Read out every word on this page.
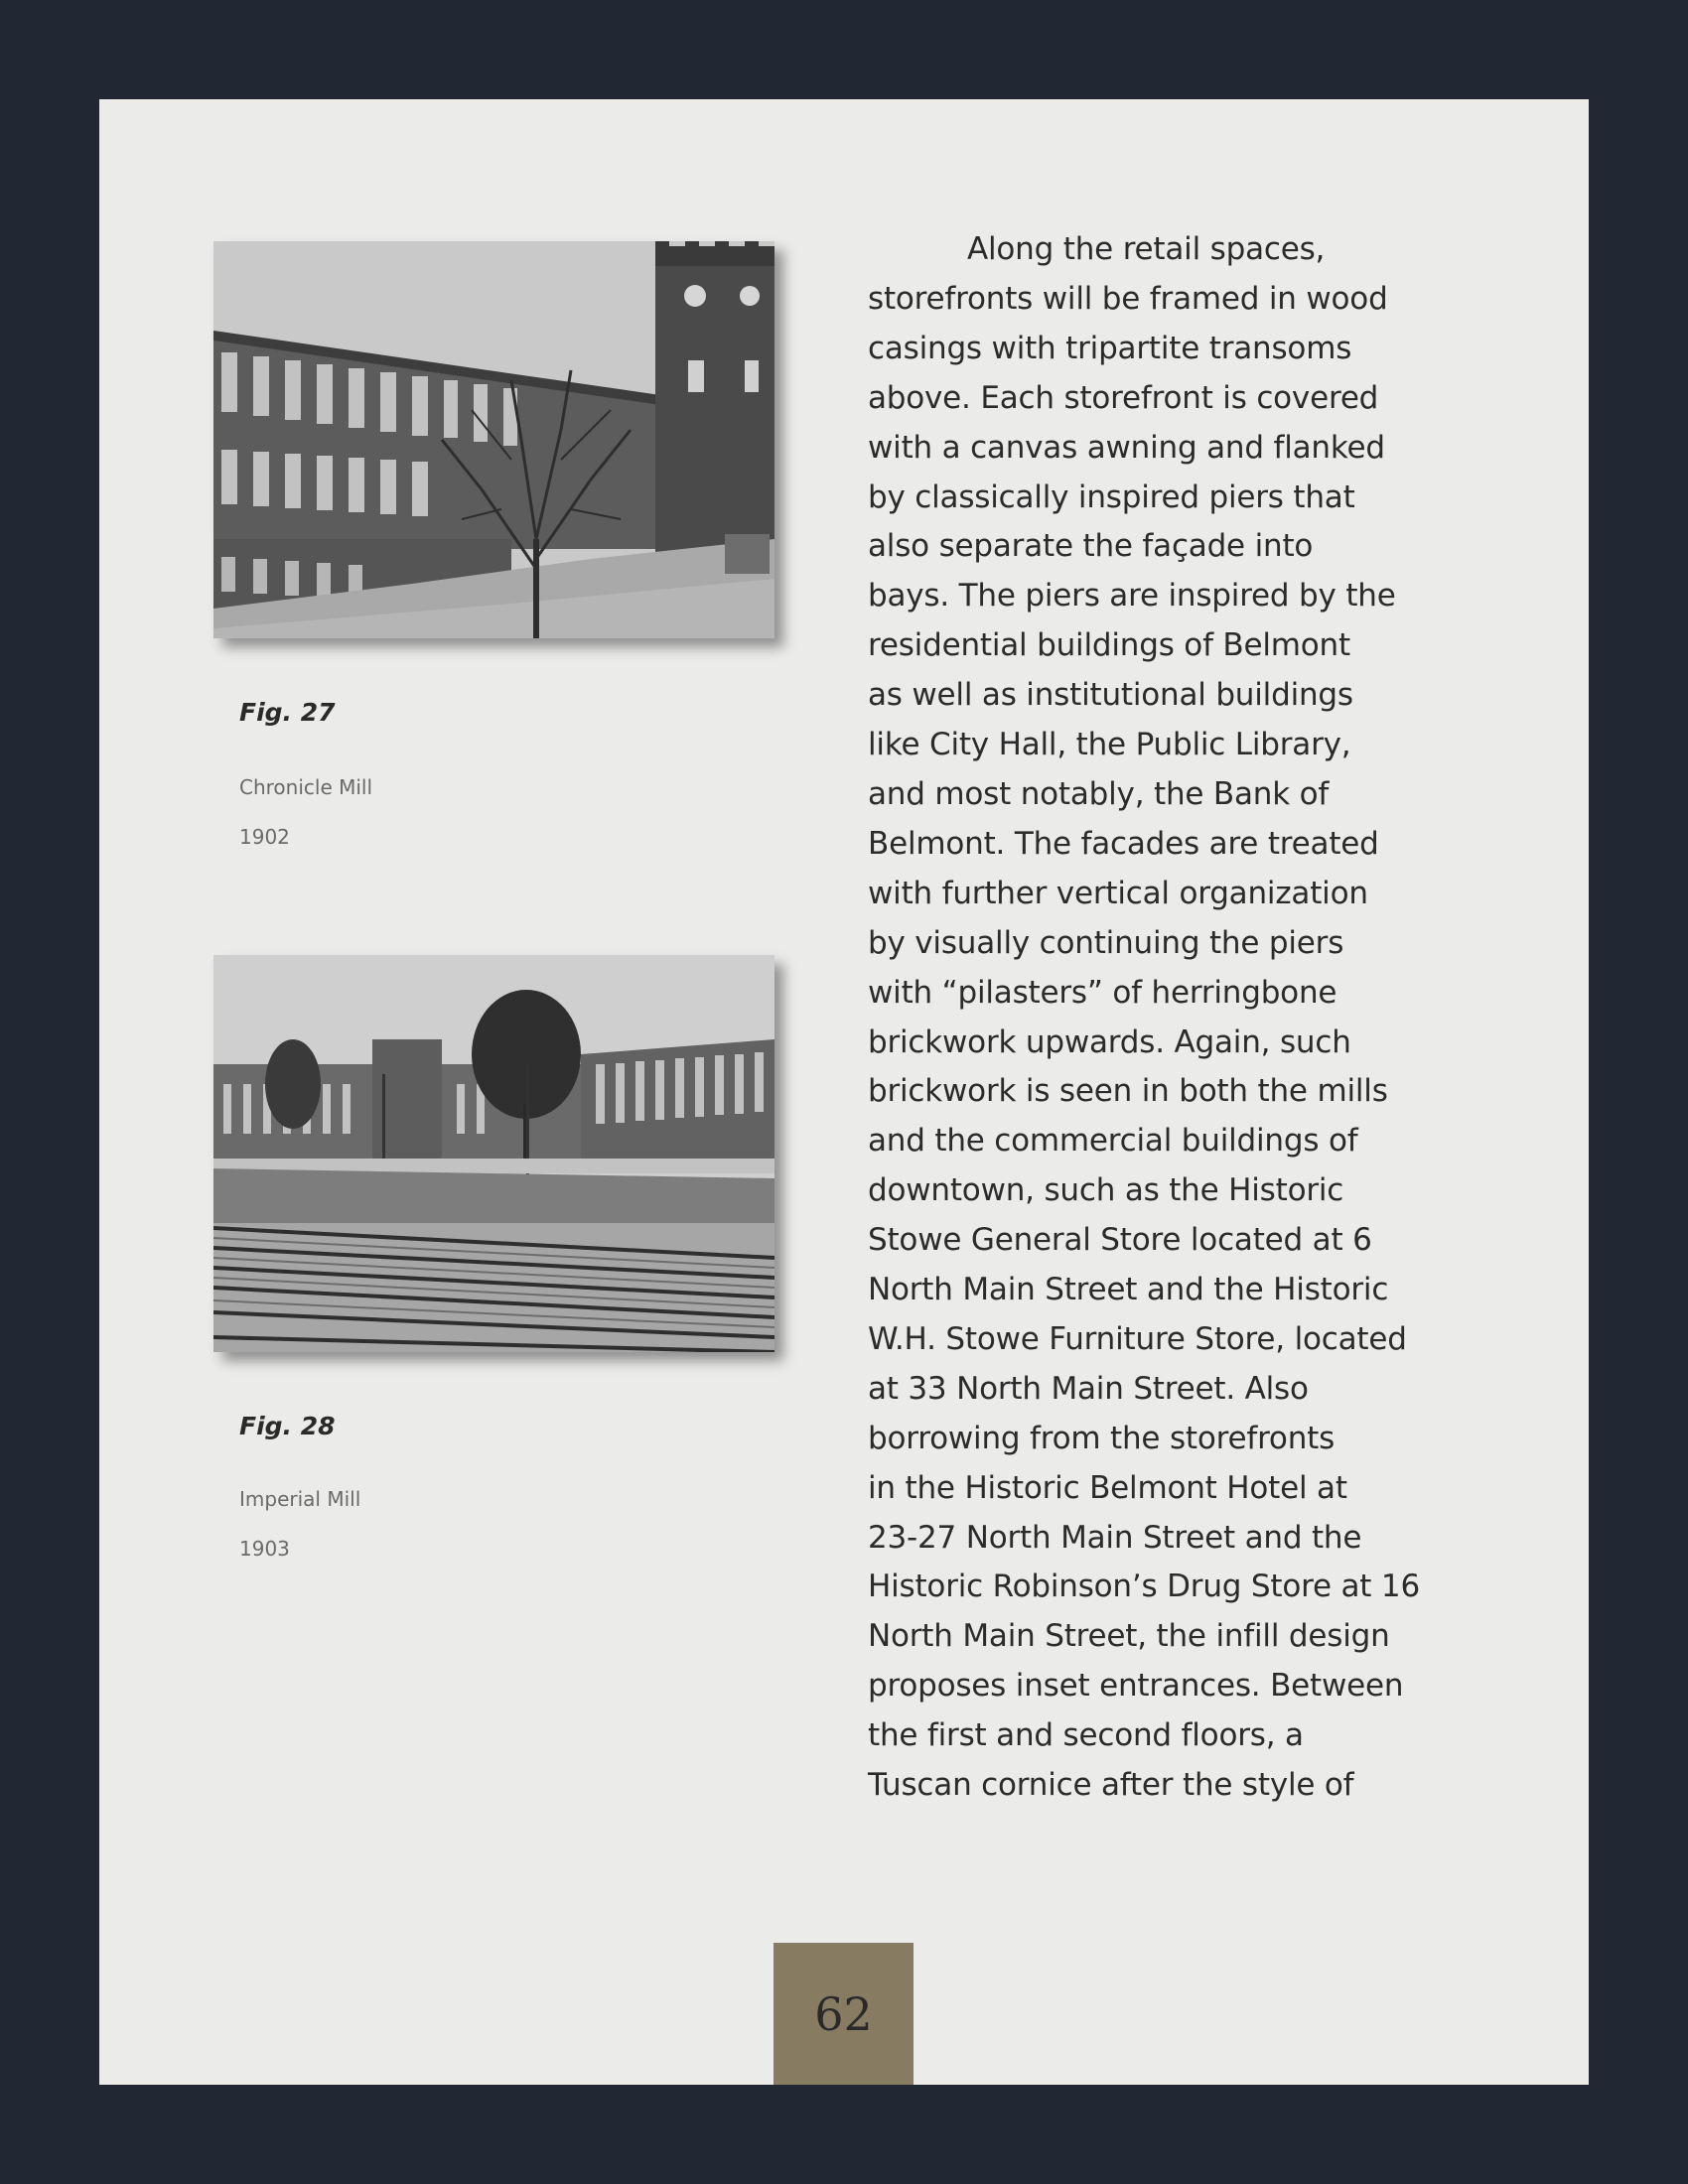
Fig. 27

Chronicle Mill

1902

Fig. 28

Imperial Mill

1903

Along the retail spaces,
storefronts will be framed in wood
casings with tripartite transoms
above. Each storefront is covered
with a canvas awning and flanked
by classically inspired piers that
also separate the façade into
bays. The piers are inspired by the
residential buildings of Belmont
as well as institutional buildings
like City Hall, the Public Library,
and most notably, the Bank of
Belmont. The facades are treated
with further vertical organization
by visually continuing the piers
with “pilasters” of herringbone
brickwork upwards. Again, such
brickwork is seen in both the mills
and the commercial buildings of
downtown, such as the Historic
Stowe General Store located at 6
North Main Street and the Historic
W.H. Stowe Furniture Store, located
at 33 North Main Street. Also
borrowing from the storefronts
in the Historic Belmont Hotel at
23-27 North Main Street and the
Historic Robinson’s Drug Store at 16
North Main Street, the infill design
proposes inset entrances. Between
the first and second floors, a
Tuscan cornice after the style of
62
